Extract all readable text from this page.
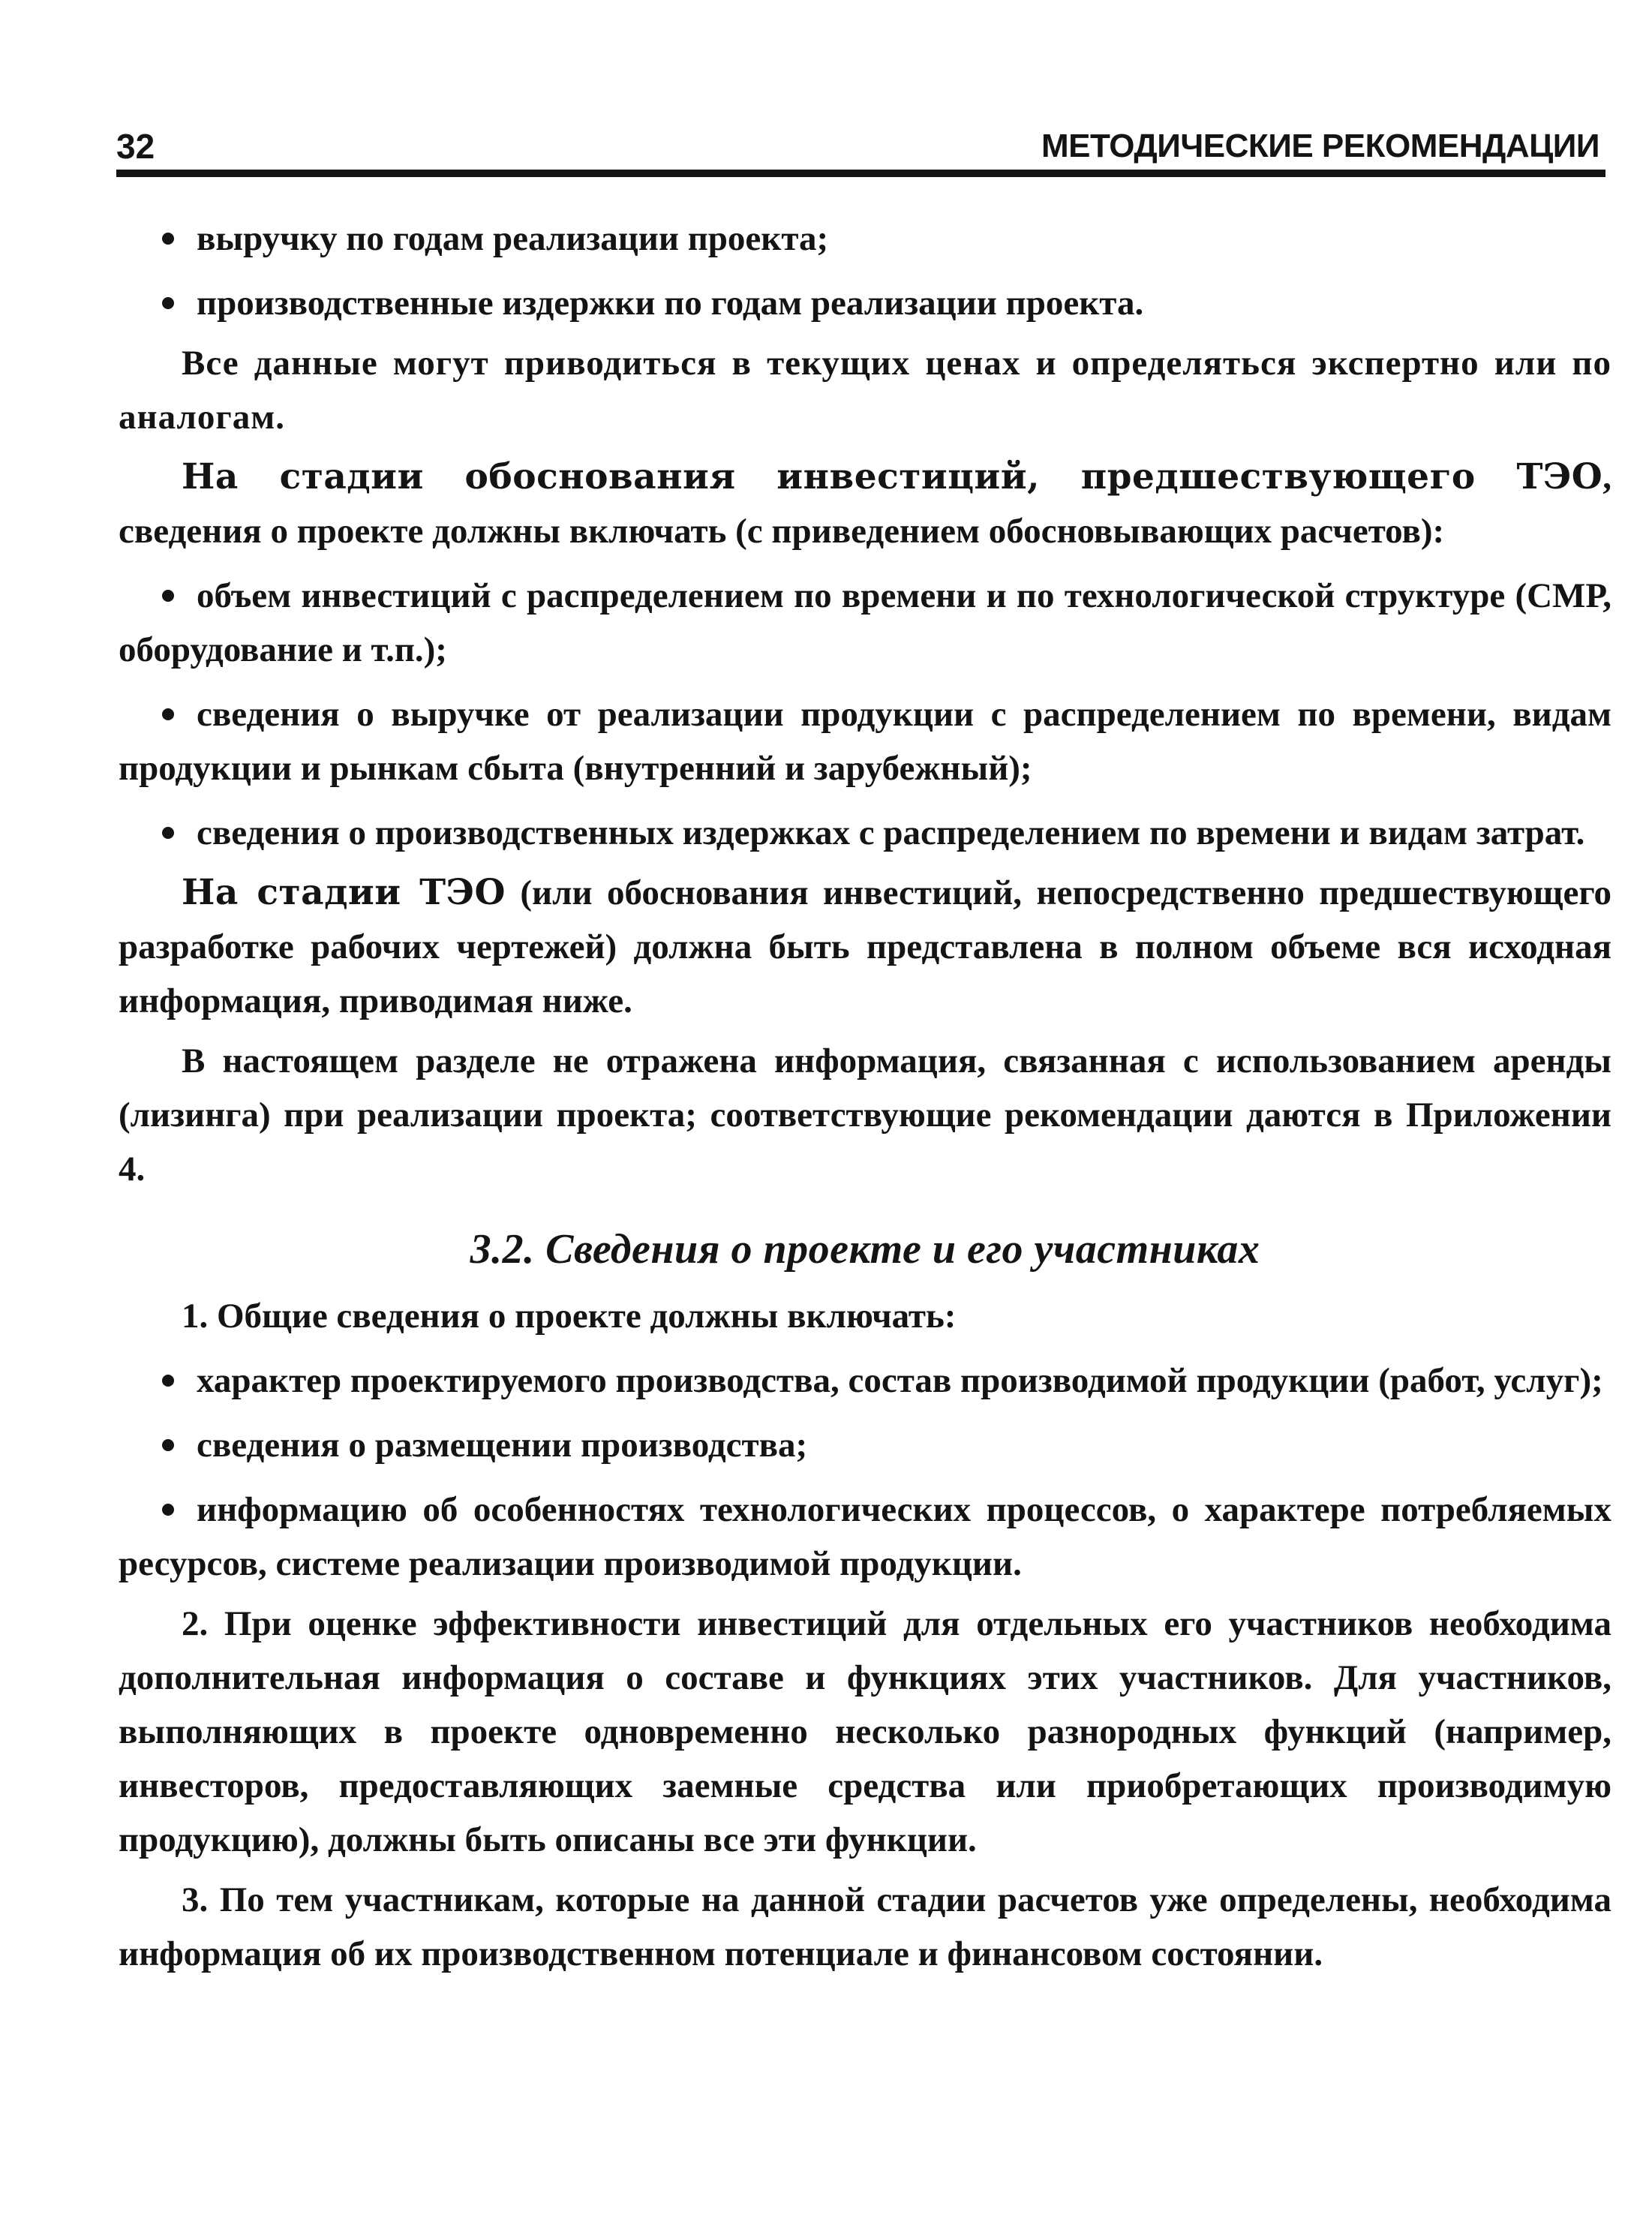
32	МЕТОДИЧЕСКИЕ РЕКОМЕНДАЦИИ

выручку по годам реализации проекта;

производственные издержки по годам реализации проекта.

Все данные могут приводиться в текущих ценах и определяться экспертно или по аналогам.

На стадии обоснования инвестиций, предшествующего ТЭО, сведения о проекте должны включать (с приведением обосновывающих расчетов):

объем инвестиций с распределением по времени и по технологической структуре (СМР, оборудование и т.п.);

сведения о выручке от реализации продукции с распределением по времени, видам продукции и рынкам сбыта (внутренний и зарубежный);

сведения о производственных издержках с распределением по времени и видам затрат.

На стадии ТЭО (или обоснования инвестиций, непосредственно предшествующего разработке рабочих чертежей) должна быть представлена в полном объеме вся исходная информация, приводимая ниже.

В настоящем разделе не отражена информация, связанная с использованием аренды (лизинга) при реализации проекта; соответствующие рекомендации даются в Приложении 4.

3.2. Сведения о проекте и его участниках

1. Общие сведения о проекте должны включать:

характер проектируемого производства, состав производимой продукции (работ, услуг);

сведения о размещении производства;

информацию об особенностях технологических процессов, о характере потребляемых ресурсов, системе реализации производимой продукции.

2. При оценке эффективности инвестиций для отдельных его участников необходима дополнительная информация о составе и функциях этих участников. Для участников, выполняющих в проекте одновременно несколько разнородных функций (например, инвесторов, предоставляющих заемные средства или приобретающих производимую продукцию), должны быть описаны все эти функции.

3. По тем участникам, которые на данной стадии расчетов уже определены, необходима информация об их производственном потенциале и финансовом состоянии.
